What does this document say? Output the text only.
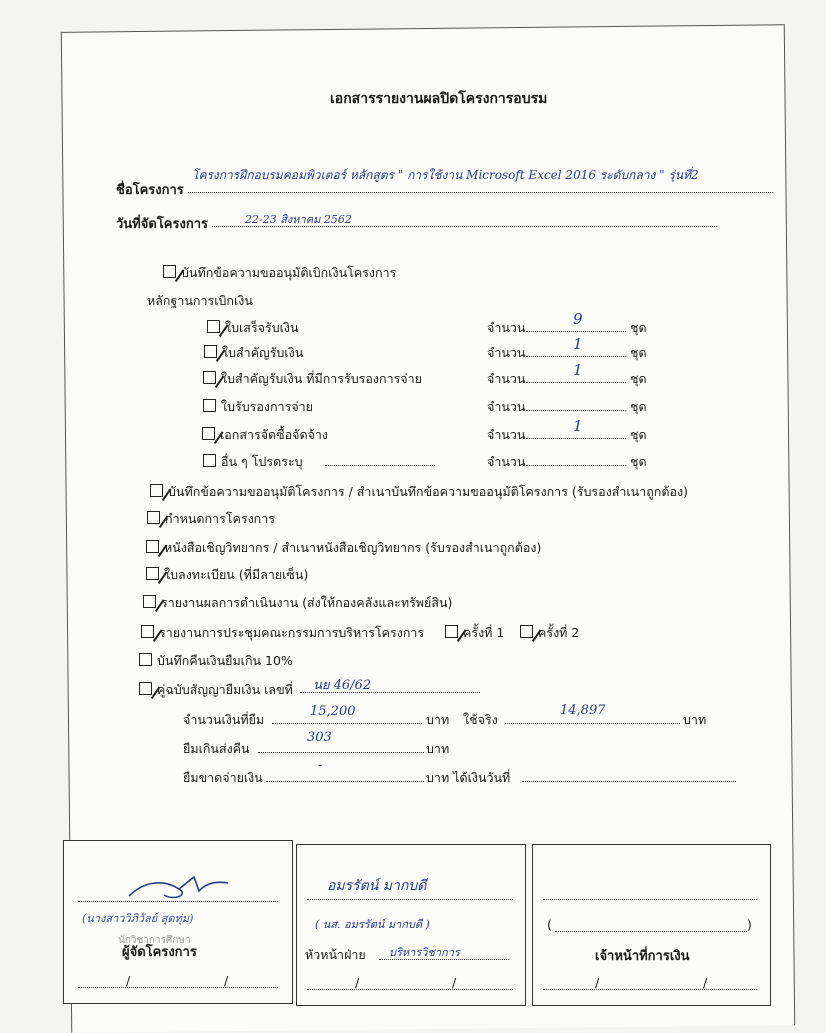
เอกสารรายงานผลปิดโครงการอบรม
ชื่อโครงการ
โครงการฝึกอบรมคอมพิวเตอร์ หลักสูตร " การใช้งาน Microsoft Excel 2016 ระดับกลาง " รุ่นที่2
วันที่จัดโครงการ	22-23 สิงหาคม 2562
บันทึกข้อความขออนุมัติเบิกเงินโครงการ
หลักฐานการเบิกเงิน
ใบเสร็จรับเงิน	จำนวน	9	ชุด
ใบสำคัญรับเงิน	จำนวน	1	ชุด
ใบสำคัญรับเงิน ที่มีการรับรองการจ่าย	จำนวน	1	ชุด
ใบรับรองการจ่าย	จำนวน	ชุด
เอกสารจัดซื้อจัดจ้าง	จำนวน	1	ชุด
อื่น ๆ โปรดระบุ	จำนวน	ชุด
บันทึกข้อความขออนุมัติโครงการ / สำเนาบันทึกข้อความขออนุมัติโครงการ (รับรองสำเนาถูกต้อง)
กำหนดการโครงการ
หนังสือเชิญวิทยากร / สำเนาหนังสือเชิญวิทยากร (รับรองสำเนาถูกต้อง)
ใบลงทะเบียน (ที่มีลายเซ็น)
รายงานผลการดำเนินงาน (ส่งให้กองคลังและทรัพย์สิน)
รายงานการประชุมคณะกรรมการบริหารโครงการ
บันทึกคืนเงินยืมเกิน 10%
คู่ฉบับสัญญายืมเงิน เลขที่
ครั้งที่ 1	ครั้งที่ 2
นย 46/62
จำนวนเงินที่ยืม
15,200
บาท ใช้จริง
14,897
บาท
ยืมเกินส่งคืน
303
บาท
ยืมขาดจ่ายเงิน
-
บาท ได้เงินวันที่
(นางสาววิภิวัลย์ สุดทุ่ม)
นักวิชาการศึกษา
ผู้จัดโครงการ
/	/
อมรรัตน์ มากบดี
( นส. อมรรัตน์ มากบดี )
หัวหน้าฝ่าย บริหารวิชาการ
/	/
(	)
เจ้าหน้าที่การเงิน
/	/
